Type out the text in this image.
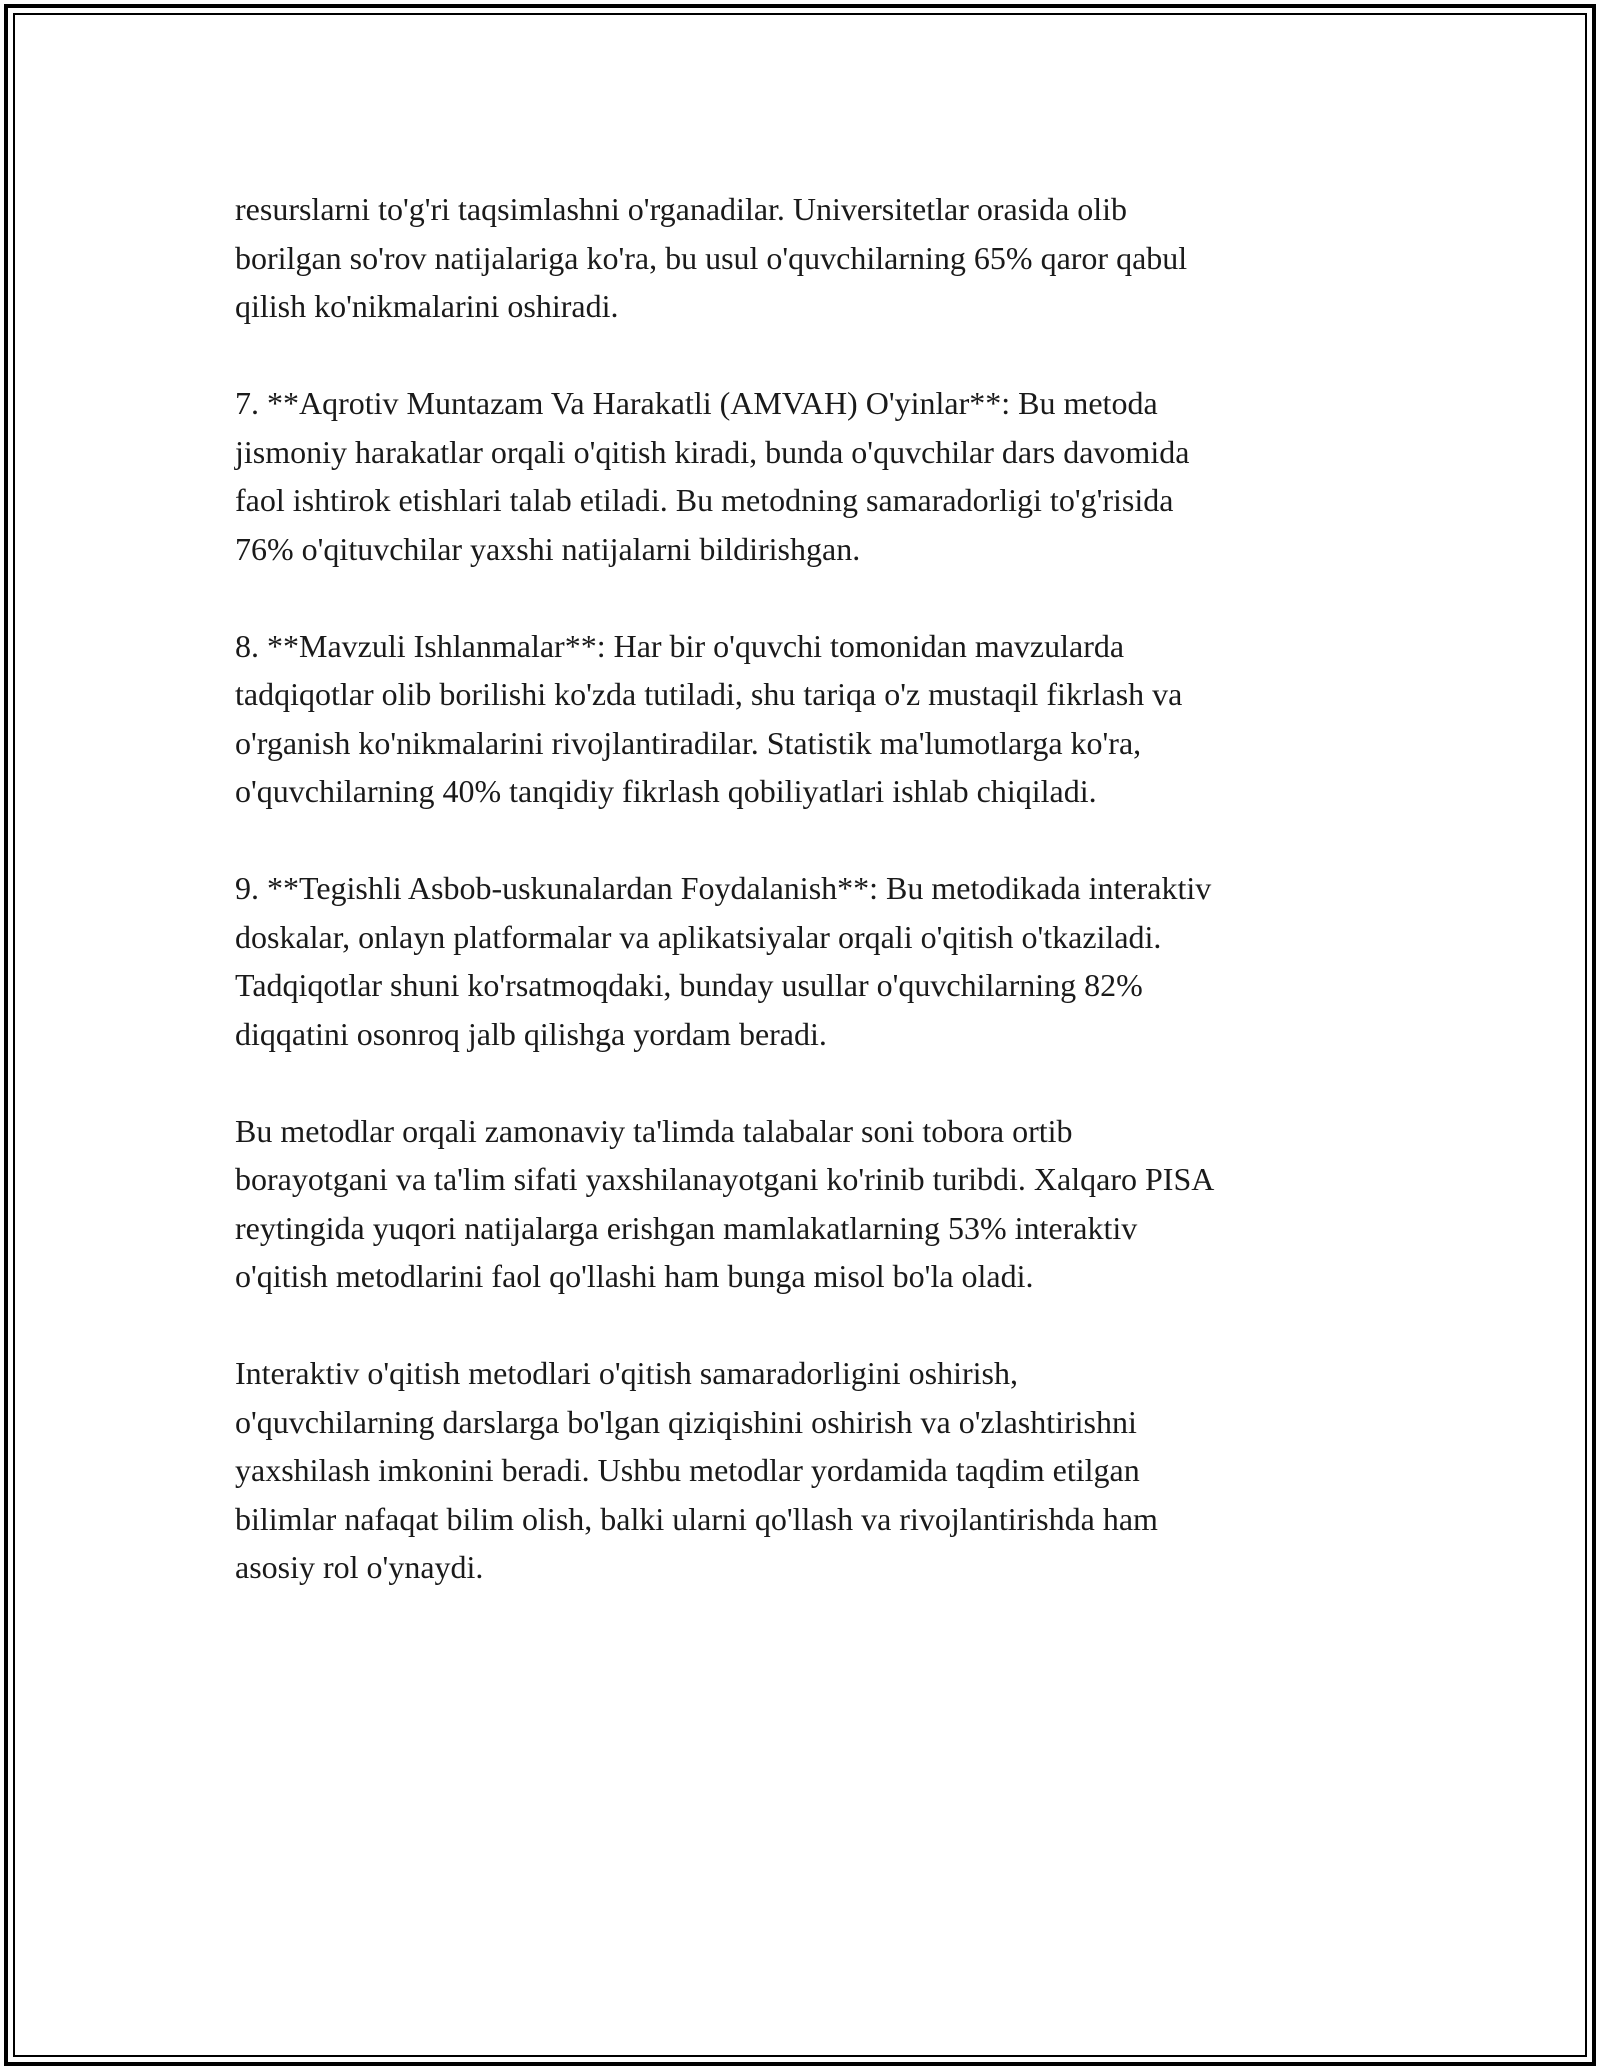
resurslarni to'g'ri taqsimlashni o'rganadilar. Universitetlar orasida olib
borilgan so'rov natijalariga ko'ra, bu usul o'quvchilarning 65% qaror qabul
qilish ko'nikmalarini oshiradi.

7. **Aqrotiv Muntazam Va Harakatli (AMVAH) O'yinlar**: Bu metoda
jismoniy harakatlar orqali o'qitish kiradi, bunda o'quvchilar dars davomida
faol ishtirok etishlari talab etiladi. Bu metodning samaradorligi to'g'risida
76% o'qituvchilar yaxshi natijalarni bildirishgan.

8. **Mavzuli Ishlanmalar**: Har bir o'quvchi tomonidan mavzularda
tadqiqotlar olib borilishi ko'zda tutiladi, shu tariqa o'z mustaqil fikrlash va
o'rganish ko'nikmalarini rivojlantiradilar. Statistik ma'lumotlarga ko'ra,
o'quvchilarning 40% tanqidiy fikrlash qobiliyatlari ishlab chiqiladi.

9. **Tegishli Asbob-uskunalardan Foydalanish**: Bu metodikada interaktiv
doskalar, onlayn platformalar va aplikatsiyalar orqali o'qitish o'tkaziladi.
Tadqiqotlar shuni ko'rsatmoqdaki, bunday usullar o'quvchilarning 82%
diqqatini osonroq jalb qilishga yordam beradi.

Bu metodlar orqali zamonaviy ta'limda talabalar soni tobora ortib
borayotgani va ta'lim sifati yaxshilanayotgani ko'rinib turibdi. Xalqaro PISA
reytingida yuqori natijalarga erishgan mamlakatlarning 53% interaktiv
o'qitish metodlarini faol qo'llashi ham bunga misol bo'la oladi.

Interaktiv o'qitish metodlari o'qitish samaradorligini oshirish,
o'quvchilarning darslarga bo'lgan qiziqishini oshirish va o'zlashtirishni
yaxshilash imkonini beradi. Ushbu metodlar yordamida taqdim etilgan
bilimlar nafaqat bilim olish, balki ularni qo'llash va rivojlantirishda ham
asosiy rol o'ynaydi.
